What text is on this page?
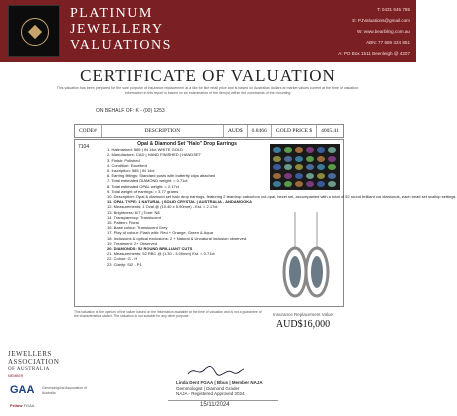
PLATINUM
JEWELLERY
VALUATIONS
T: 0431 645 785
E: PJValuations@gmail.com
W: www.bearbling.com.au
ABN: 77 659 424 851
A: PO Box 1511 Beenleigh @ 4207
CERTIFICATE OF VALUATION
This valuation has been prepared for the sole purpose of insurance replacement at a like for like retail price and is based on Australian dollars at market values current at the time of valuation. Information in this report is based on an examination of the item(s) within the constraints of the mounting.
ON BEHALF OF: K - (00) 1253
CODE#	DESCRIPTION	AUD$	0.8466	GOLD PRICE $	4005.41
7104	Opal & Diamond Set "Halo" Drop Earrings
1. Hallmarked: 585 | IN 14ct WHITE GOLD
2. Manufacture: CAD | HAND FINISHED | HANDSET
3. Finish: Polished
4. Condition: Excellent
5. Inscription: 585 | IN 14ct
6. Earring fittings: Standard posts with butterfly clips attached
7. Total estimated DIAMOND weight: = 0.71ct
8. Total estimated OPAL weight: = 2.17ct
9. Total weight of earrings: = 3.77 grams
10. Description: Opal & diamond set halo drop earrings, featuring 2 teardrop cabochon cut opal, bezel set, accompanied with a total of 52 round brilliant cut diamonds, each bead set scallop settings.
11. OPAL TYPE: 1 NATURAL | SOLID CRYSTAL | AUSTRALIA - ANDAMOOKA
12. Measurements: 1 Oval @ (10.40 x 5.90mm) - Est. = 2.17ct
13. Brightness: 6/7 | Tone: N8
14. Transparency: Translucent
15. Pattern: Floral
16. Base colour: Translucent Grey
17. Play of colour: Flash with: Red + Orange, Green & Aqua
18. Inclusions & optical exclusions: 2 + Natural & Unnatural inclusion observed.
19. Treatment: 2+ Observed
20. DIAMONDS: 52 ROUND BRILLIANT CUTS
21. Measurements: 52 RBC @ (1.30 - 3.00mm) Est. = 0.71ct
22. Colour: G - H
23. Clarity: SI2 - P1
This valuation is the opinion of the valuer based on the information available at the time of valuation and is not a guarantee of the characteristics stated. The valuation is not suitable for any other purpose.	Insurance Replacement Value
AUD$16,000
JEWELLERS
ASSOCIATION
OF AUSTRALIA
MEMBER
GAA Gemmological Association of Australia
Fellow FGAA
Linda Dent FGAA | Bbus | Member NAJA
Gemmologist | Diamond Grader
NAJA - Registered Approved 2024
15/11/2024
